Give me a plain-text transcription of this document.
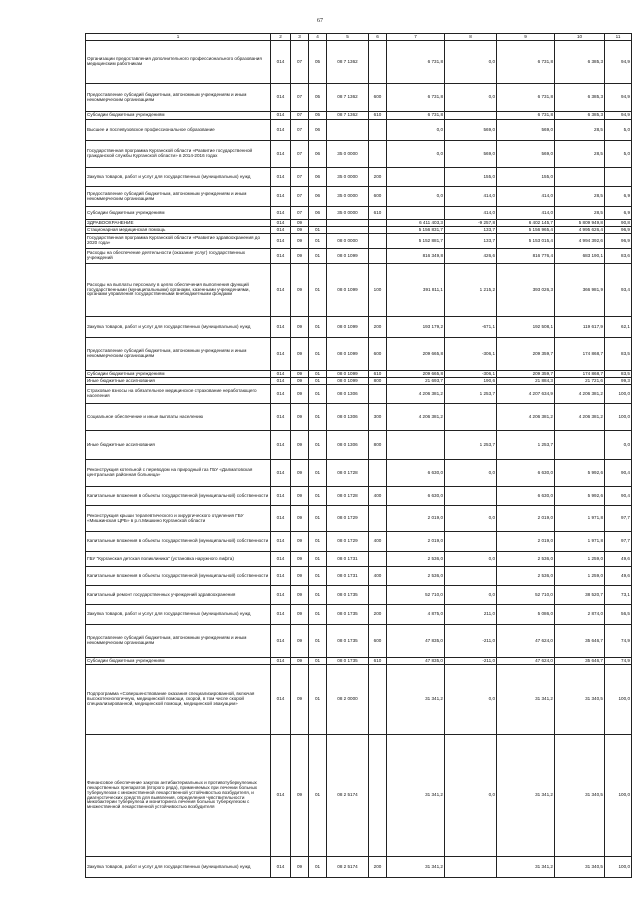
67
1	2	3	4	5	6	7	8	9	10	11
Организации предоставления дополнительного профессионального образования медицинским работникам	014	07	05	08 7 1362		6 731,8	0,0	6 731,8	6 385,3	94,9
Предоставление субсидий бюджетным, автономным учреждениям и иным некоммерческим организациям	014	07	05	08 7 1362	600	6 731,8	0,0	6 731,8	6 385,3	94,9
Субсидии бюджетным учреждениям	014	07	05	08 7 1362	610	6 731,8		6 731,8	6 385,3	94,9
Высшее и послевузовское профессиональное образование	014	07	06			0,0	569,0	569,0	28,5	5,0
Государственная программа Курганской области «Развитие государственной гражданской службы Курганской области» в 2014-2016 годах	014	07	06	35 0 0000		0,0	569,0	569,0	28,5	5,0
Закупка товаров, работ и услуг для государственных (муниципальных) нужд	014	07	06	35 0 0000	200		155,0	155,0		
Предоставление субсидий бюджетным, автономным учреждениям и иным некоммерческим организациям	014	07	06	35 0 0000	600	0,0	414,0	414,0	28,5	6,9
Субсидии бюджетным учреждениям	014	07	06	35 0 0000	610		414,0	414,0	28,5	6,9
ЗДРАВООХРАНЕНИЕ	014	09				6 411 403,3	-9 257,8	6 402 145,7	5 809 949,8	90,8
Стационарная медицинская помощь	014	09	01			5 156 831,7	133,7	5 156 965,4	4 995 626,4	96,9
Государственная программа Курганской области «Развитие здравоохранения до 2020 года»	014	09	01	08 0 0000		5 152 881,7	133,7	5 153 015,4	4 994 392,6	96,9
Расходы на обеспечение деятельности (оказание услуг) государственных учреждений	014	09	01	08 0 1099		816 349,8	426,6	816 776,4	683 190,1	83,6
Расходы на выплаты персоналу в целях обеспечения выполнения функций государственными (муниципальными) органами, казенными учреждениями, органами управления государственными внебюджетными фондами	014	09	01	08 0 1099	100	391 811,1	1 215,2	393 026,3	366 981,9	93,4
Закупка товаров, работ и услуг для государственных (муниципальных) нужд	014	09	01	08 0 1099	200	193 179,2	-671,1	192 508,1	119 617,9	62,1
Предоставление субсидий бюджетным, автономным учреждениям и иным некоммерческим организациям	014	09	01	08 0 1099	600	209 665,8	-306,1	209 359,7	174 868,7	83,5
Субсидии бюджетным учреждениям	014	09	01	08 0 1099	610	209 665,8	-306,1	209 359,7	174 868,7	83,5
Иные бюджетные ассигнования	014	09	01	08 0 1099	800	21 693,7	190,6	21 884,3	21 721,6	99,3
Страховые взносы на обязательное медицинское страхование неработающего населения	014	09	01	08 0 1306		4 206 381,2	1 253,7	4 207 634,9	4 206 381,2	100,0
Социальное обеспечение и иные выплаты населению	014	09	01	08 0 1306	300	4 206 381,2		4 206 381,2	4 206 381,2	100,0
Иные бюджетные ассигнования	014	09	01	08 0 1306	800		1 253,7	1 253,7		0,0
Реконструкция котельной с переводом на природный газ ГБУ «Далматовская центральная районная больница»	014	09	01	08 0 1728		6 630,0	0,0	6 630,0	5 992,6	90,4
Капитальные вложения в объекты государственной (муниципальной) собственности	014	09	01	08 0 1728	400	6 630,0		6 630,0	5 992,6	90,4
Реконструкция крыши терапевтического и хирургического отделения ГБУ «Мишкинская ЦРБ» в р.п.Мишкино Курганской области	014	09	01	08 0 1729		2 019,0	0,0	2 019,0	1 971,8	97,7
Капитальные вложения в объекты государственной (муниципальной) собственности	014	09	01	08 0 1729	400	2 019,0		2 019,0	1 971,8	97,7
ГБУ "Курганская детская поликлиника" (установка наружного лифта)	014	09	01	08 0 1731		2 536,0	0,0	2 536,0	1 259,0	49,6
Капитальные вложения в объекты государственной (муниципальной) собственности	014	09	01	08 0 1731	400	2 536,0		2 536,0	1 259,0	49,6
Капитальный ремонт государственных учреждений здравоохранения	014	09	01	08 0 1735		52 710,0	0,0	52 710,0	38 520,7	73,1
Закупка товаров, работ и услуг для государственных (муниципальных) нужд	014	09	01	08 0 1735	200	4 875,0	211,0	5 086,0	2 874,0	56,5
Предоставление субсидий бюджетным, автономным учреждениям и иным некоммерческим организациям	014	09	01	08 0 1735	600	47 835,0	-211,0	47 624,0	35 646,7	74,9
Субсидии бюджетным учреждениям	014	09	01	08 0 1735	610	47 835,0	-211,0	47 624,0	35 646,7	74,9
Подпрограмма «Совершенствование оказания специализированной, включая высокотехнологичную, медицинской помощи, скорой, в том числе скорой специализированной, медицинской помощи, медицинской эвакуации»	014	09	01	08 2 0000		31 341,2	0,0	31 341,2	31 340,5	100,0
Финансовое обеспечение закупок антибактериальных и противотуберкулезных лекарственных препаратов (второго ряда), применяемых при лечении больных туберкулезом с множественной лекарственной устойчивостью возбудителя, и диагностических средств для выявления, определения чувствительности микобактерии туберкулеза и мониторинга лечения больных туберкулезом с множественной лекарственной устойчивостью возбудителя	014	09	01	08 2 5174		31 341,2	0,0	31 341,2	31 340,5	100,0
Закупка товаров, работ и услуг для государственных (муниципальных) нужд	014	09	01	08 2 5174	200	31 341,2		31 341,2	31 340,5	100,0
